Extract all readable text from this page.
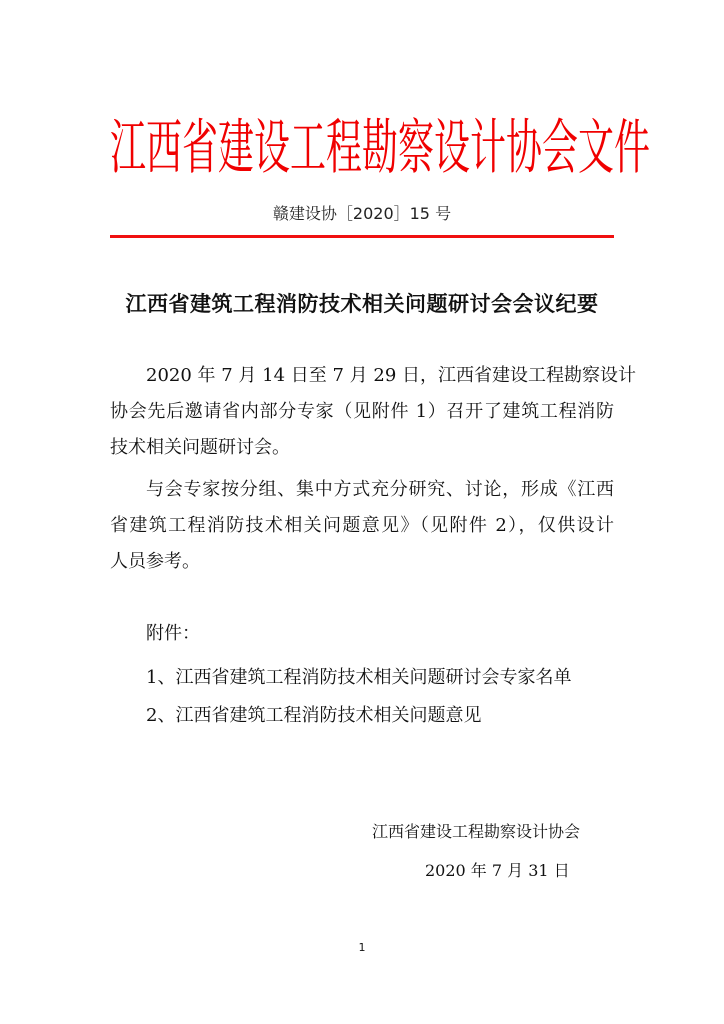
江西省建设工程勘察设计协会文件
赣建设协［2020］15 号
江西省建筑工程消防技术相关问题研讨会会议纪要
2020 年 7 月 14 日至 7 月 29 日，江西省建设工程勘察设计
协会先后邀请省内部分专家（见附件 1）召开了建筑工程消防
技术相关问题研讨会。
与会专家按分组、集中方式充分研究、讨论，形成《江西
省建筑工程消防技术相关问题意见》（见附件 2），仅供设计
人员参考。
附件：
1、江西省建筑工程消防技术相关问题研讨会专家名单
2、江西省建筑工程消防技术相关问题意见
江西省建设工程勘察设计协会
2020 年 7 月 31 日
1
